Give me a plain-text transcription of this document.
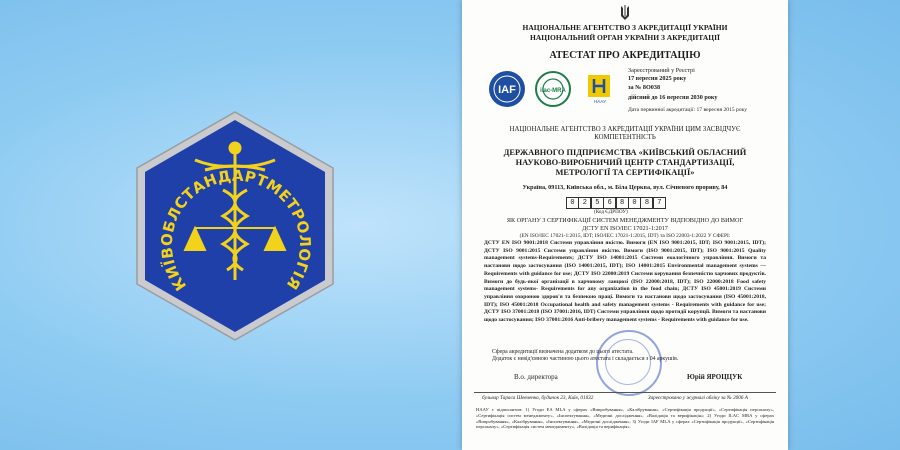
КИЇВОБЛСТАНДАРТМЕТРОЛОГІЯ
НАЦІОНАЛЬНЕ АГЕНТСТВО З АКРЕДИТАЦІЇ УКРАЇНИ
НАЦІОНАЛЬНИЙ ОРГАН УКРАЇНИ З АКРЕДИТАЦІЇ
АТЕСТАТ ПРО АКРЕДИТАЦІЮ
IAF	ilac-MRA
НААУ
Зареєстрований у Реєстрі
17 вересня 2025 року
за № 8О038
дійсний до 16 вересня 2030 року
Дата первинної акредитації: 17 вересня 2015 року
НАЦІОНАЛЬНЕ АГЕНТСТВО З АКРЕДИТАЦІЇ УКРАЇНИ ЦИМ ЗАСВІДЧУЄ
КОМПЕТЕНТНІСТЬ
ДЕРЖАВНОГО ПІДПРИЄМСТВА «КИЇВСЬКИЙ ОБЛАСНИЙ
НАУКОВО-ВИРОБНИЧИЙ ЦЕНТР СТАНДАРТИЗАЦІЇ,
МЕТРОЛОГІЇ ТА СЕРТИФІКАЦІЇ»
Україна, 09113, Київська обл., м. Біла Церква, вул. Січневого прориву, 84
0	2	5	6	8	0	8	7
(Код ЄДРПОУ)
ЯК ОРГАНУ З СЕРТИФІКАЦІЇ СИСТЕМ МЕНЕДЖМЕНТУ ВІДПОВІДНО ДО ВИМОГ
ДСТУ EN ISO/IEC 17021-1:2017
(EN ISO/IEC 17021-1:2015, IDT; ISO/IEC 17021-1:2015, IDT) та ISO 22003-1:2022 У СФЕРІ:
ДСТУ EN ISO 9001:2018 Системи управління якістю. Вимоги (EN ISO 9001:2015, IDT; ISO 9001:2015, IDT); ДСТУ ISO 9001:2015 Системи управління якістю. Вимоги (ISO 9001:2015, IDT); ISO 9001:2015 Quality management systems-Requirements; ДСТУ ISO 14001:2015 Системи екологічного управління. Вимоги та настанови щодо застосування (ISO 14001:2015, IDT); ISO 14001:2015 Environmental management systems — Requirements with guidance for use; ДСТУ ISO 22000:2019 Системи керування безпечністю харчових продуктів. Вимоги до будь-якої організації в харчовому ланцюзі (ISO 22000:2018, IDT); ISO 22000:2018 Food safety management systems- Requirements for any organization in the food chain; ДСТУ ISO 45001:2019 Системи управління охороною здоров'я та безпекою праці. Вимоги та настанови щодо застосування (ISO 45001:2018, IDT); ISO 45001:2018 Occupational health and safety management systems - Requirements with guidance for use; ДСТУ ISO 37001:2018 (ISO 37001:2016, IDT) Системи управління щодо протидії корупції. Вимоги та настанови щодо застосування; ISO 37001:2016 Anti-bribery management systems - Requirements with guidance for use.
Сфера акредитації визначена додатком до цього атестата.
Додаток є невід'ємною частиною цього атестата і складається з 04 аркушів.
В.о. директора	Юрій ЯРОЦЦУК
бульвар Тараса Шевченка, будинок 23, Київ, 01032	Зареєстровано у журналі обліку за № 2006 А
НААУ є підписантом: 1) Угоди EA MLA у сферах «Випробування», «Калібрування», «Сертифікація продукції», «Сертифікація персоналу», «Сертифікація систем менеджменту», «Інспектування», «Медичні дослідження», «Валідація та верифікація»; 2) Угоди ILAC MRA у сферах «Випробування», «Калібрування», «Інспектування», «Медичні дослідження»; 3) Угоди IAF MLA у сферах «Сертифікація продукції», «Сертифікація персоналу», «Сертифікація систем менеджменту», «Валідація та верифікація».
